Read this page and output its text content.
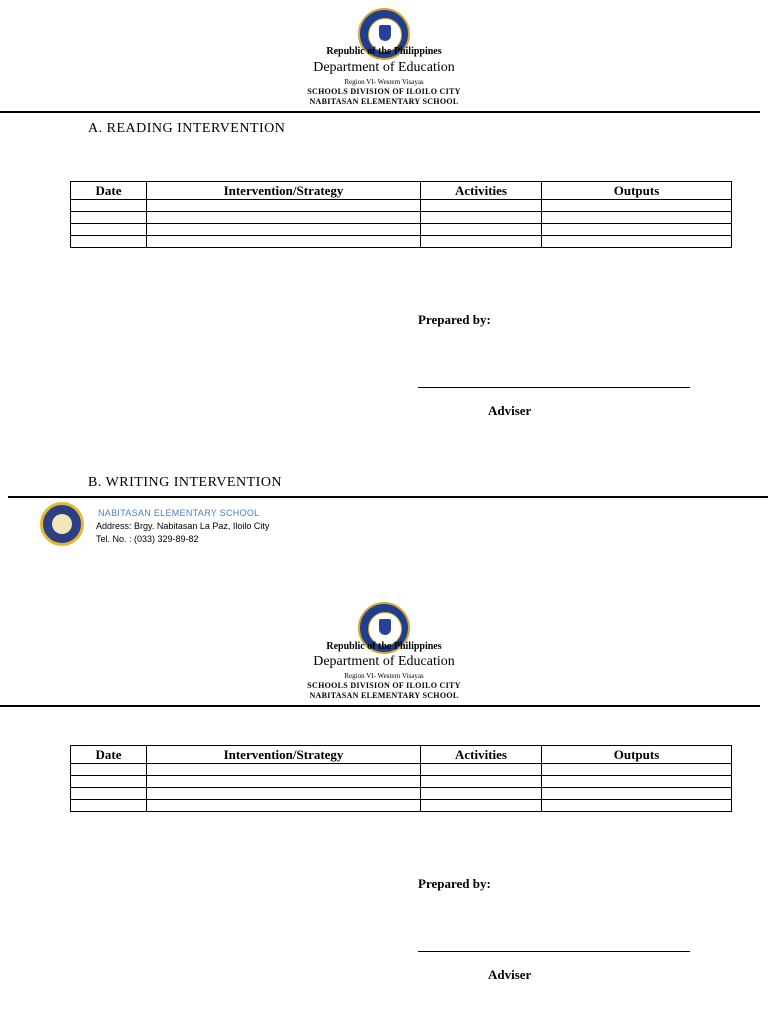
Republic of the Philippines
Department of Education
Region VI- Western Visayas
SCHOOLS DIVISION OF ILOILO CITY
NABITASAN ELEMENTARY SCHOOL
A. READING INTERVENTION
Date	Intervention/Strategy	Activities	Outputs

Prepared by:
Adviser
B. WRITING INTERVENTION
NABITASAN ELEMENTARY SCHOOL
Address: Brgy. Nabitasan La Paz, Iloilo City
Tel. No. : (033) 329-89-82
Republic of the Philippines
Department of Education
Region VI- Western Visayas
SCHOOLS DIVISION OF ILOILO CITY
NABITASAN ELEMENTARY SCHOOL
Date	Intervention/Strategy	Activities	Outputs

Prepared by:
Adviser
